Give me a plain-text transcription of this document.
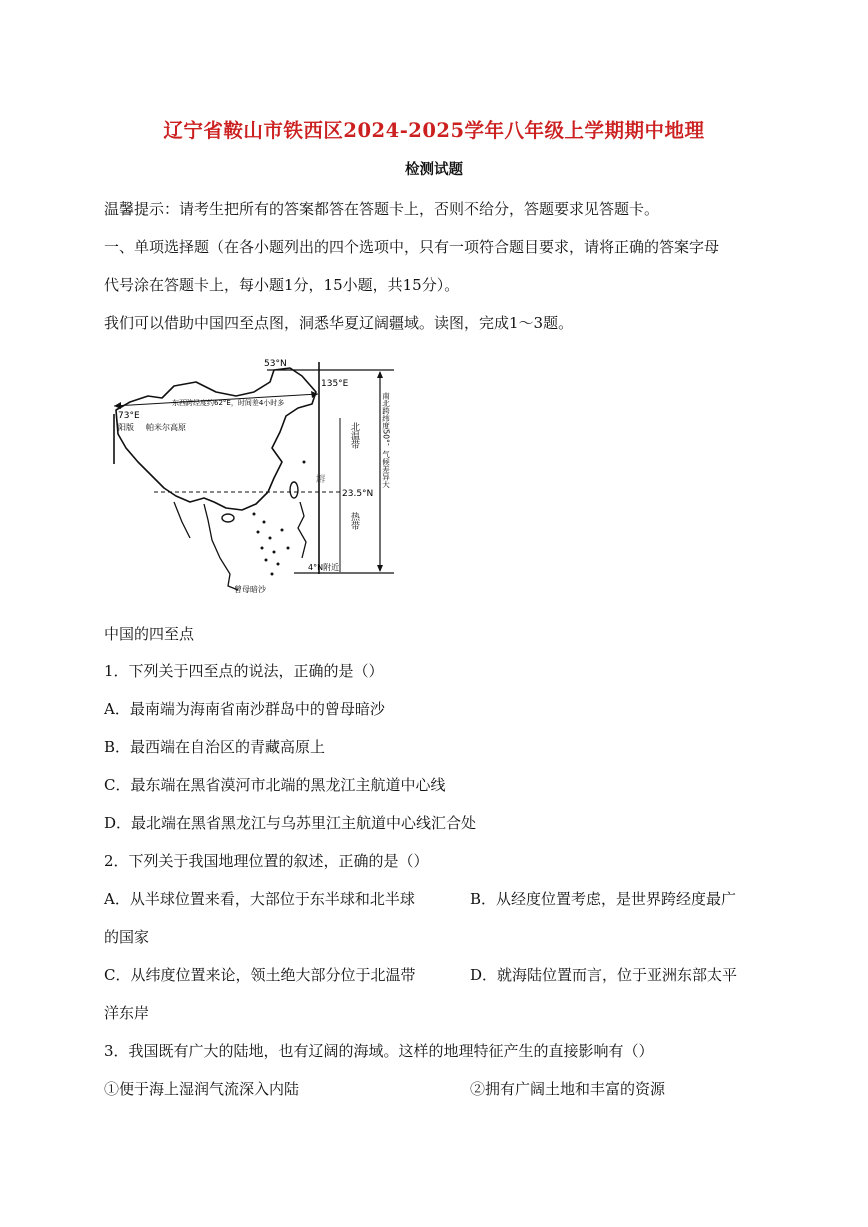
辽宁省鞍山市铁西区2024-2025学年八年级上学期期中地理
检测试题
温馨提示：请考生把所有的答案都答在答题卡上，否则不给分，答题要求见答题卡。
一、单项选择题（在各小题列出的四个选项中，只有一项符合题目要求，请将正确的答案字母
代号涂在答题卡上，每小题1分，15小题，共15分）。
我们可以借助中国四至点图，洞悉华夏辽阔疆域。读图，完成1～3题。
53°N
135°E
73°E
阳版 帕米尔高原
东西跨经度约62°E，时间差4小时多
23.5°N
4°N附近
曾母暗沙
太平洋
北温带
热带
南北跨纬度50°，气候差异大
中国的四至点
1．下列关于四至点的说法，正确的是（）
A．最南端为海南省南沙群岛中的曾母暗沙
B．最西端在自治区的青藏高原上
C．最东端在黑省漠河市北端的黑龙江主航道中心线
D．最北端在黑省黑龙江与乌苏里江主航道中心线汇合处
2．下列关于我国地理位置的叙述，正确的是（）
A．从半球位置来看，大部位于东半球和北半球	B．从经度位置考虑，是世界跨经度最广
的国家
C．从纬度位置来论，领土绝大部分位于北温带	D．就海陆位置而言，位于亚洲东部太平
洋东岸
3．我国既有广大的陆地，也有辽阔的海域。这样的地理特征产生的直接影响有（）
①便于海上湿润气流深入内陆	②拥有广阔土地和丰富的资源
